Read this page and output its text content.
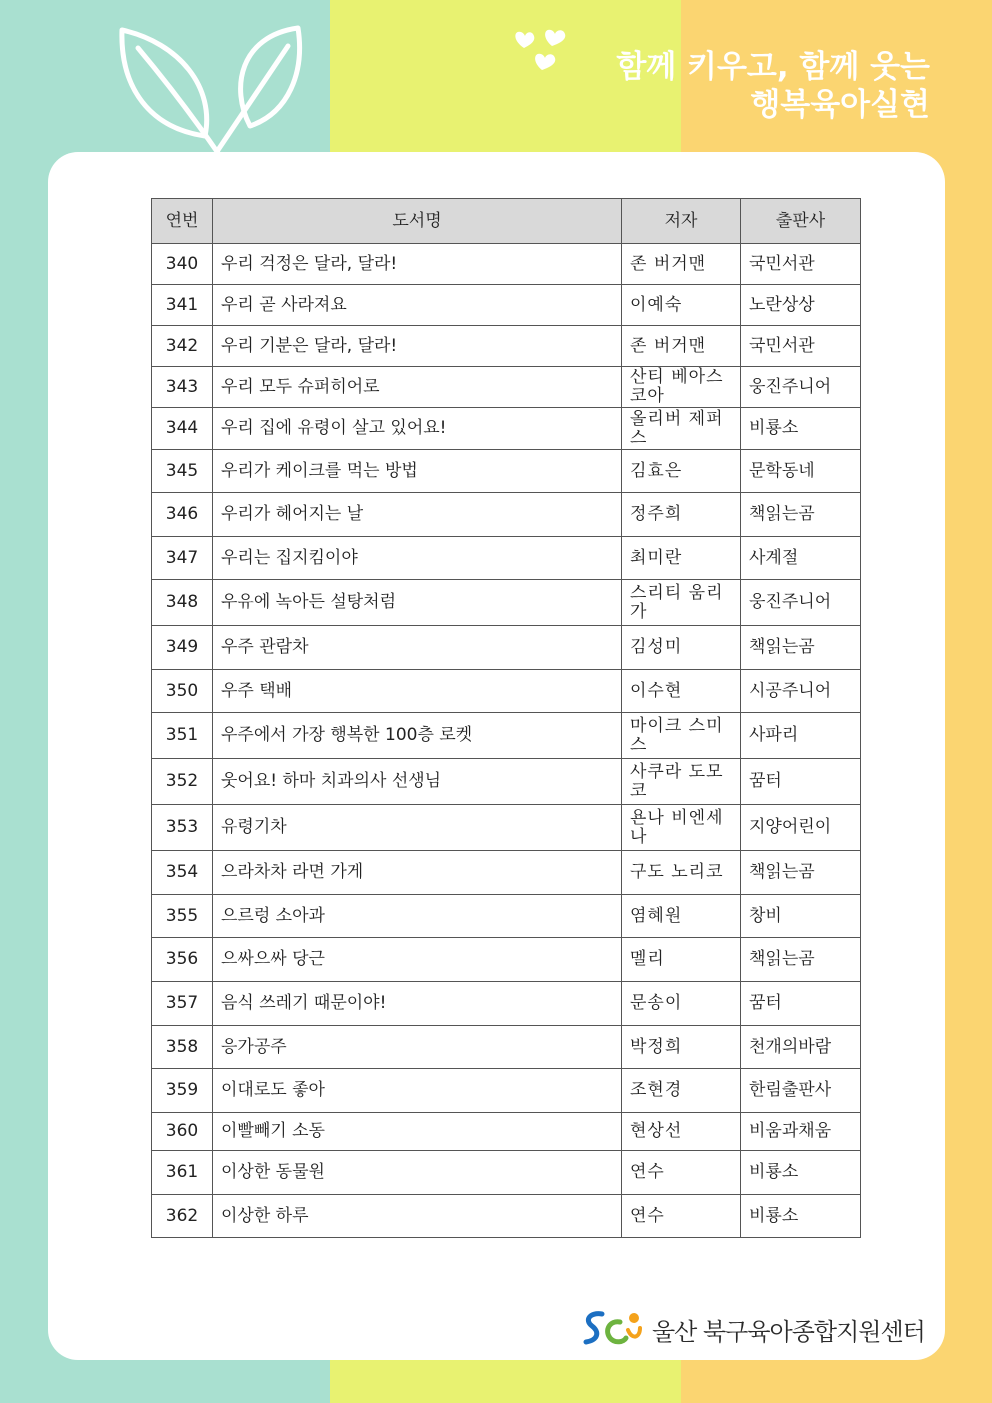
함께 키우고, 함께 웃는
행복육아실현
연번	도서명	저자	출판사
340	우리 걱정은 달라, 달라!	존 버거맨	국민서관
341	우리 곧 사라져요	이예숙	노란상상
342	우리 기분은 달라, 달라!	존 버거맨	국민서관
343	우리 모두 슈퍼히어로	산티 베아스코아	웅진주니어
344	우리 집에 유령이 살고 있어요!	올리버 제퍼스	비룡소
345	우리가 케이크를 먹는 방법	김효은	문학동네
346	우리가 헤어지는 날	정주희	책읽는곰
347	우리는 집지킴이야	최미란	사계절
348	우유에 녹아든 설탕처럼	스리티 움리가	웅진주니어
349	우주 관람차	김성미	책읽는곰
350	우주 택배	이수현	시공주니어
351	우주에서 가장 행복한 100층 로켓	마이크 스미스	사파리
352	웃어요! 하마 치과의사 선생님	사쿠라 도모코	꿈터
353	유령기차	욘나 비엔세나	지양어린이
354	으라차차 라면 가게	구도 노리코	책읽는곰
355	으르렁 소아과	염혜원	창비
356	으싸으싸 당근	멜리	책읽는곰
357	음식 쓰레기 때문이야!	문송이	꿈터
358	응가공주	박정희	천개의바람
359	이대로도 좋아	조현경	한림출판사
360	이빨빼기 소동	현상선	비움과채움
361	이상한 동물원	연수	비룡소
362	이상한 하루	연수	비룡소
울산 북구육아종합지원센터
